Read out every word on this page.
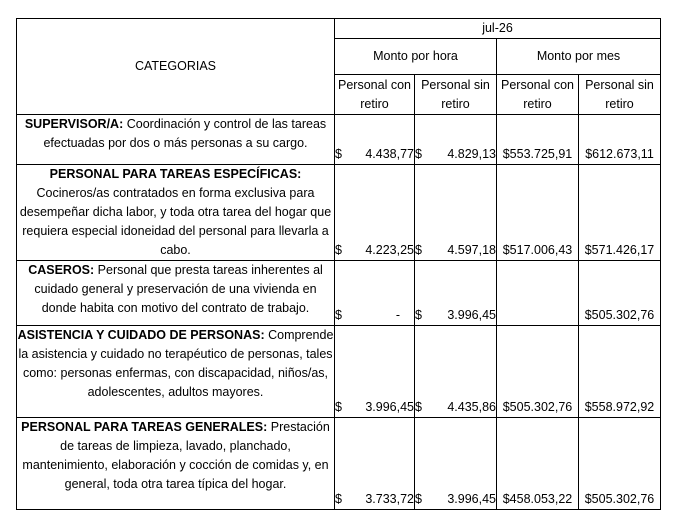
CATEGORIAS	jul-26			
	Monto por hora		Monto por mes	
	Personal con retiro	Personal sin retiro	Personal con retiro	Personal sin retiro
SUPERVISOR/A: Coordinación y control de las tareas efectuadas por dos o más personas a su cargo.	$ 4.438,77	$ 4.829,13	$553.725,91	$612.673,11
PERSONAL PARA TAREAS ESPECÍFICAS: Cocineros/as contratados en forma exclusiva para desempeñar dicha labor, y toda otra tarea del hogar que requiera especial idoneidad del personal para llevarla a cabo.	$ 4.223,25	$ 4.597,18	$517.006,43	$571.426,17
CASEROS: Personal que presta tareas inherentes al cuidado general y preservación de una vivienda en donde habita con motivo del contrato de trabajo.	$ -	$ 3.996,45		$505.302,76
ASISTENCIA Y CUIDADO DE PERSONAS: Comprende la asistencia y cuidado no terapéutico de personas, tales como: personas enfermas, con discapacidad, niños/as, adolescentes, adultos mayores.	$ 3.996,45	$ 4.435,86	$505.302,76	$558.972,92
PERSONAL PARA TAREAS GENERALES: Prestación de tareas de limpieza, lavado, planchado, mantenimiento, elaboración y cocción de comidas y, en general, toda otra tarea típica del hogar.	$ 3.733,72	$ 3.996,45	$458.053,22	$505.302,76
